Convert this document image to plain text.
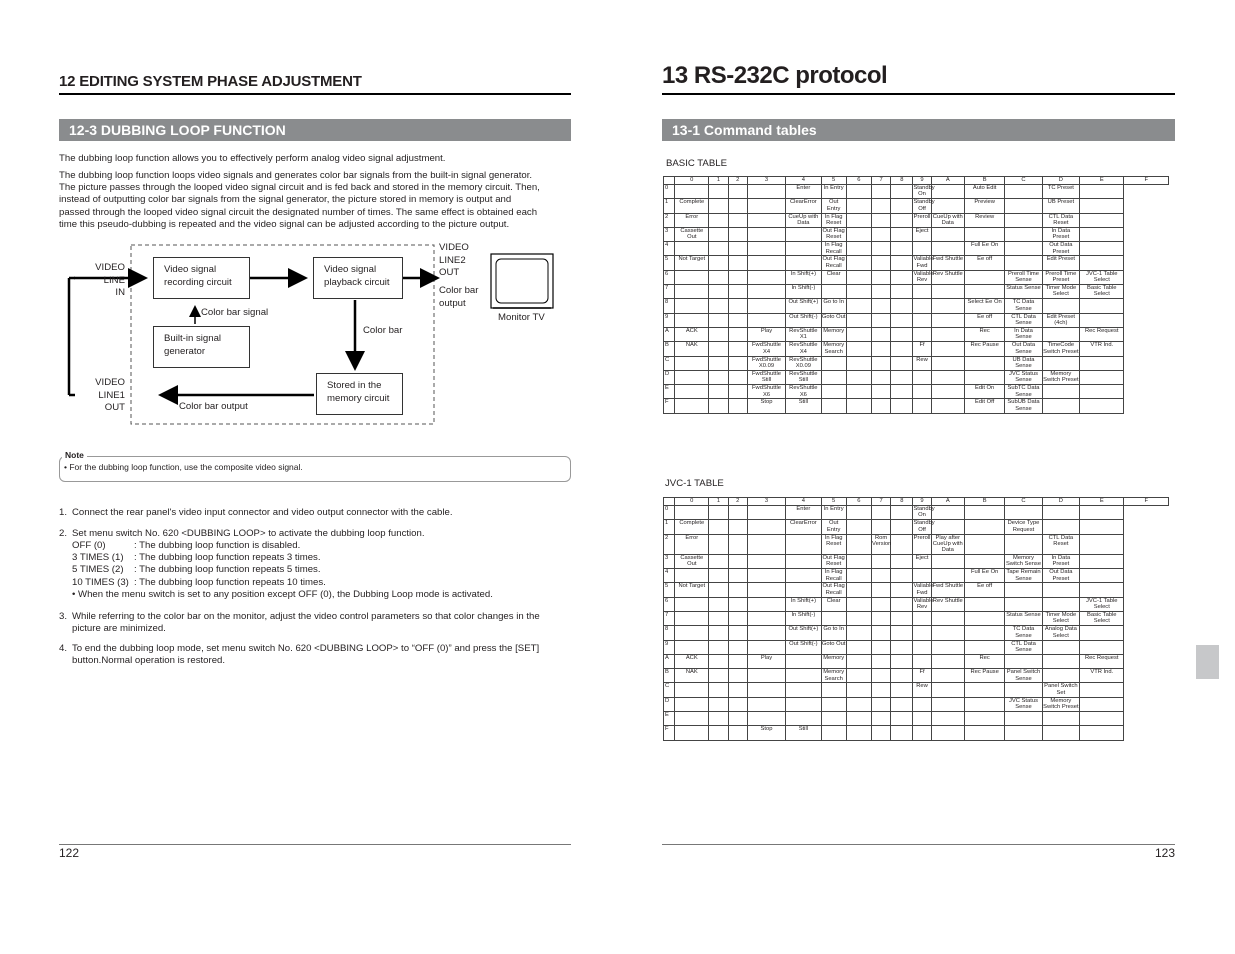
12 EDITING SYSTEM PHASE ADJUSTMENT
12-3 DUBBING LOOP FUNCTION
The dubbing loop function allows you to effectively perform analog video signal adjustment.
The dubbing loop function loops video signals and generates color bar signals from the built-in signal generator.
The picture passes through the looped video signal circuit and is fed back and stored in the memory circuit. Then,
instead of outputting color bar signals from the signal generator, the picture stored in memory is output and
passed through the looped video signal circuit the designated number of times. The same effect is obtained each
time this pseudo-dubbing is repeated and the video signal can be adjusted according to the picture output.
VIDEO
LINE
IN
Video signal
recording circuit
Video signal
playback circuit
VIDEO
LINE2
OUT
Color bar
output
Monitor TV
Color bar signal
Built-in signal
generator
Color bar
VIDEO
LINE1
OUT	Color bar output
Stored in the
memory circuit
Note
• For the dubbing loop function, use the composite video signal.
1. Connect the rear panel's video input connector and video output connector with the cable.
2. Set menu switch No. 620 <DUBBING LOOP> to activate the dubbing loop function.
OFF (0)	: The dubbing loop function is disabled.
3 TIMES (1) : The dubbing loop function repeats 3 times.
5 TIMES (2) : The dubbing loop function repeats 5 times.
10 TIMES (3) : The dubbing loop function repeats 10 times.
• When the menu switch is set to any position except OFF (0), the Dubbing Loop mode is activated.
3. While referring to the color bar on the monitor, adjust the video control parameters so that color changes in the
picture are minimized.
4. To end the dubbing loop mode, set menu switch No. 620 <DUBBING LOOP> to “OFF (0)” and press the [SET]
button.Normal operation is restored.
122
13 RS-232C protocol
13-1 Command tables
BASIC TABLE
	0	1	2	3	4	5	6	7	8	9	A	B	C	D	E	F
0					Enter	In Entry				Standby On		Auto Edit		TC Preset		
1	Complete				ClearError	Out Entry				Standby Off		Preview		UB Preset		
2	Error				CueUp with Data	In Flag Reset				Preroll	CueUp with Data	Review		CTL Data Reset		
3	Cassette Out					Out Flag Reset				Eject				In Data Preset		
4						In Flag Recall						Full Ee On		Out Data Preset		
5	Not Target					Out Flag Recall				Valiable Fwd	Fwd Shuttle	Ee off		Edit Preset		
6					In Shift(+)	Clear				Valiable Rev	Rev Shuttle		Preroll Time Sense	Preroll Time Preset	JVC-1 Table Select	
7					In Shift(-)								Status Sense	Timer Mode Select	Basic Table Select	
8					Out Shift(+)	Go to In						Select Ee On	TC Data Sense			
9					Out Shift(-)	Goto Out						Ee off	CTL Data Sense	Edit Preset (4ch)		
A	ACK			Play	RevShuttle X1	Memory						Rec	In Data Sense		Rec Request	
B	NAK			FwdShuttle X4	RevShuttle X4	Memory Search				Ff		Rec Pause	Out Data Sense	TimeCode Switch Preset	VTR Ind.	
C				FwdShuttle X0.09	RevShuttle X0.09					Rew			UB Data Sense			
D				FwdShuttle Still	RevShuttle Still								JVC Status Sense	Memory Switch Preset		
E				FwdShuttle X6	RevShuttle X6							Edit On	SubTC Data Sense			
F				Stop	Still							Edit Off	SubUB Data Sense			
JVC-1 TABLE
	0	1	2	3	4	5	6	7	8	9	A	B	C	D	E	F
0					Enter	In Entry				Standby On						
1	Complete				ClearError	Out Entry				Standby Off			Device Type Request			
2	Error					In Flag Reset		Rom Version		Preroll	Play after CueUp with Data			CTL Data Reset		
3	Cassette Out					Out Flag Reset				Eject			Memory Switch Sense	In Data Preset		
4						In Flag Recall						Full Ee On	Tape Remain Sense	Out Data Preset		
5	Not Target					Out Flag Recall				Valiable Fwd	Fwd Shuttle	Ee off				
6					In Shift(+)	Clear				Valiable Rev	Rev Shuttle				JVC-1 Table Select	
7					In Shift(-)								Status Sense	Timer Mode Select	Basic Table Select	
8					Out Shift(+)	Go to In							TC Data Sense	Analog Data Select		
9					Out Shift(-)	Goto Out							CTL Data Sense			
A	ACK			Play		Memory						Rec			Rec Request	
B	NAK					Memory Search				Ff		Rec Pause	Panel Switch Sense		VTR Ind.	
C										Rew				Panel Switch Set		
D													JVC Status Sense	Memory Switch Preset		
E																
F				Stop	Still											
123
